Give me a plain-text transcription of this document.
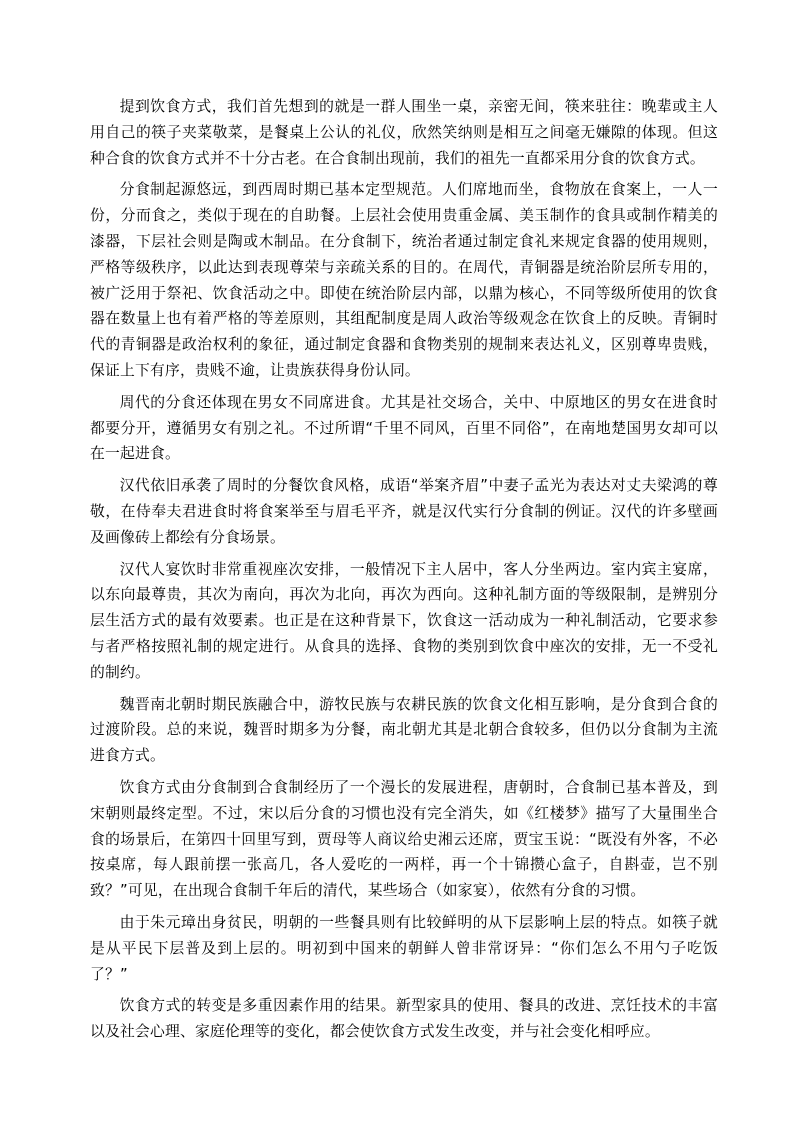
提到饮食方式，我们首先想到的就是一群人围坐一桌，亲密无间，筷来驻往：晚辈或主人用自己的筷子夹菜敬菜，是餐桌上公认的礼仪，欣然笑纳则是相互之间毫无嫌隙的体现。但这种合食的饮食方式并不十分古老。在合食制出现前，我们的祖先一直都采用分食的饮食方式。

分食制起源悠远，到西周时期已基本定型规范。人们席地而坐，食物放在食案上，一人一份，分而食之，类似于现在的自助餐。上层社会使用贵重金属、美玉制作的食具或制作精美的漆器，下层社会则是陶或木制品。在分食制下，统治者通过制定食礼来规定食器的使用规则，严格等级秩序，以此达到表现尊荣与亲疏关系的目的。在周代，青铜器是统治阶层所专用的，被广泛用于祭祀、饮食活动之中。即使在统治阶层内部，以鼎为核心，不同等级所使用的饮食器在数量上也有着严格的等差原则，其组配制度是周人政治等级观念在饮食上的反映。青铜时代的青铜器是政治权利的象征，通过制定食器和食物类别的规制来表达礼义，区别尊卑贵贱，保证上下有序，贵贱不逾，让贵族获得身份认同。

周代的分食还体现在男女不同席进食。尤其是社交场合，关中、中原地区的男女在进食时都要分开，遵循男女有别之礼。不过所谓“千里不同风，百里不同俗”，在南地楚国男女却可以在一起进食。

汉代依旧承袭了周时的分餐饮食风格，成语“举案齐眉”中妻子孟光为表达对丈夫梁鸿的尊敬，在侍奉夫君进食时将食案举至与眉毛平齐，就是汉代实行分食制的例证。汉代的许多壁画及画像砖上都绘有分食场景。

汉代人宴饮时非常重视座次安排，一般情况下主人居中，客人分坐两边。室内宾主宴席，以东向最尊贵，其次为南向，再次为北向，再次为西向。这种礼制方面的等级限制，是辨别分层生活方式的最有效要素。也正是在这种背景下，饮食这一活动成为一种礼制活动，它要求参与者严格按照礼制的规定进行。从食具的选择、食物的类别到饮食中座次的安排，无一不受礼的制约。

魏晋南北朝时期民族融合中，游牧民族与农耕民族的饮食文化相互影响，是分食到合食的过渡阶段。总的来说，魏晋时期多为分餐，南北朝尤其是北朝合食较多，但仍以分食制为主流进食方式。

饮食方式由分食制到合食制经历了一个漫长的发展进程，唐朝时，合食制已基本普及，到宋朝则最终定型。不过，宋以后分食的习惯也没有完全消失，如《红楼梦》描写了大量围坐合食的场景后，在第四十回里写到，贾母等人商议给史湘云还席，贾宝玉说：“既没有外客，不必按桌席，每人跟前摆一张高几，各人爱吃的一两样，再一个十锦攒心盒子，自斟壶，岂不别致？”可见，在出现合食制千年后的清代，某些场合（如家宴），依然有分食的习惯。

由于朱元璋出身贫民，明朝的一些餐具则有比较鲜明的从下层影响上层的特点。如筷子就是从平民下层普及到上层的。明初到中国来的朝鲜人曾非常讶异：“你们怎么不用勺子吃饭了？”

饮食方式的转变是多重因素作用的结果。新型家具的使用、餐具的改进、烹饪技术的丰富以及社会心理、家庭伦理等的变化，都会使饮食方式发生改变，并与社会变化相呼应。
